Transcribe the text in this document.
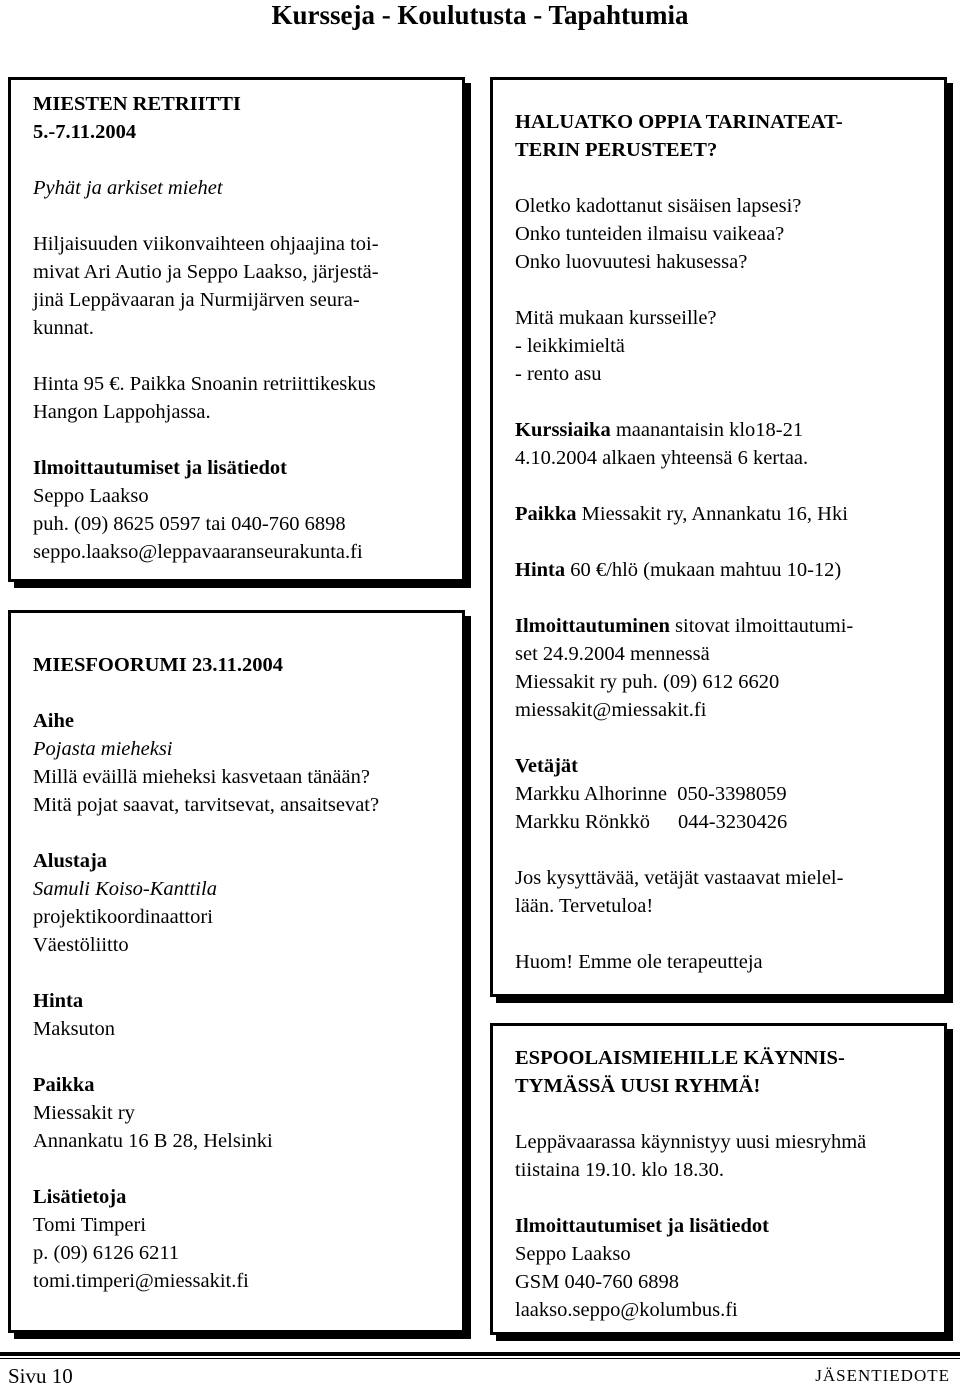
Kursseja - Koulutusta - Tapahtumia

MIESTEN RETRIITTI

5.-7.11.2004

Pyhät ja arkiset miehet

Hiljaisuuden viikonvaihteen ohjaajina toi-

mivat Ari Autio ja Seppo Laakso, järjestä-

jinä Leppävaaran ja Nurmijärven seura-

kunnat.

Hinta 95 €. Paikka Snoanin retriittikeskus

Hangon Lappohjassa.

Ilmoittautumiset ja lisätiedot

Seppo Laakso

puh. (09) 8625 0597 tai 040-760 6898

seppo.laakso@leppavaaranseurakunta.fi

MIESFOORUMI 23.11.2004

Aihe

Pojasta mieheksi

Millä eväillä mieheksi kasvetaan tänään?

Mitä pojat saavat, tarvitsevat, ansaitsevat?

Alustaja

Samuli Koiso-Kanttila

projektikoordinaattori

Väestöliitto

Hinta

Maksuton

Paikka

Miessakit ry

Annankatu 16 B 28, Helsinki

Lisätietoja

Tomi Timperi

p. (09) 6126 6211

tomi.timperi@miessakit.fi

HALUATKO OPPIA TARINATEAT-

TERIN PERUSTEET?

Oletko kadottanut sisäisen lapsesi?

Onko tunteiden ilmaisu vaikeaa?

Onko luovuutesi hakusessa?

Mitä mukaan kursseille?

- leikkimieltä

- rento asu

Kurssiaika maanantaisin klo18-21

4.10.2004 alkaen yhteensä 6 kertaa.

Paikka Miessakit ry, Annankatu 16, Hki

Hinta 60 €/hlö (mukaan mahtuu 10-12)

Ilmoittautuminen sitovat ilmoittautumi-

set 24.9.2004 mennessä

Miessakit ry puh. (09) 612 6620

miessakit@miessakit.fi

Vetäjät

Markku Alhorinne 050-3398059

Markku Rönkkö 044-3230426

Jos kysyttävää, vetäjät vastaavat mielel-

lään. Tervetuloa!

Huom! Emme ole terapeutteja

ESPOOLAISMIEHILLE KÄYNNIS-

TYMÄSSÄ UUSI RYHMÄ!

Leppävaarassa käynnistyy uusi miesryhmä

tiistaina 19.10. klo 18.30.

Ilmoittautumiset ja lisätiedot

Seppo Laakso

GSM 040-760 6898

laakso.seppo@kolumbus.fi

Sivu 10	JÄSENTIEDOTE
